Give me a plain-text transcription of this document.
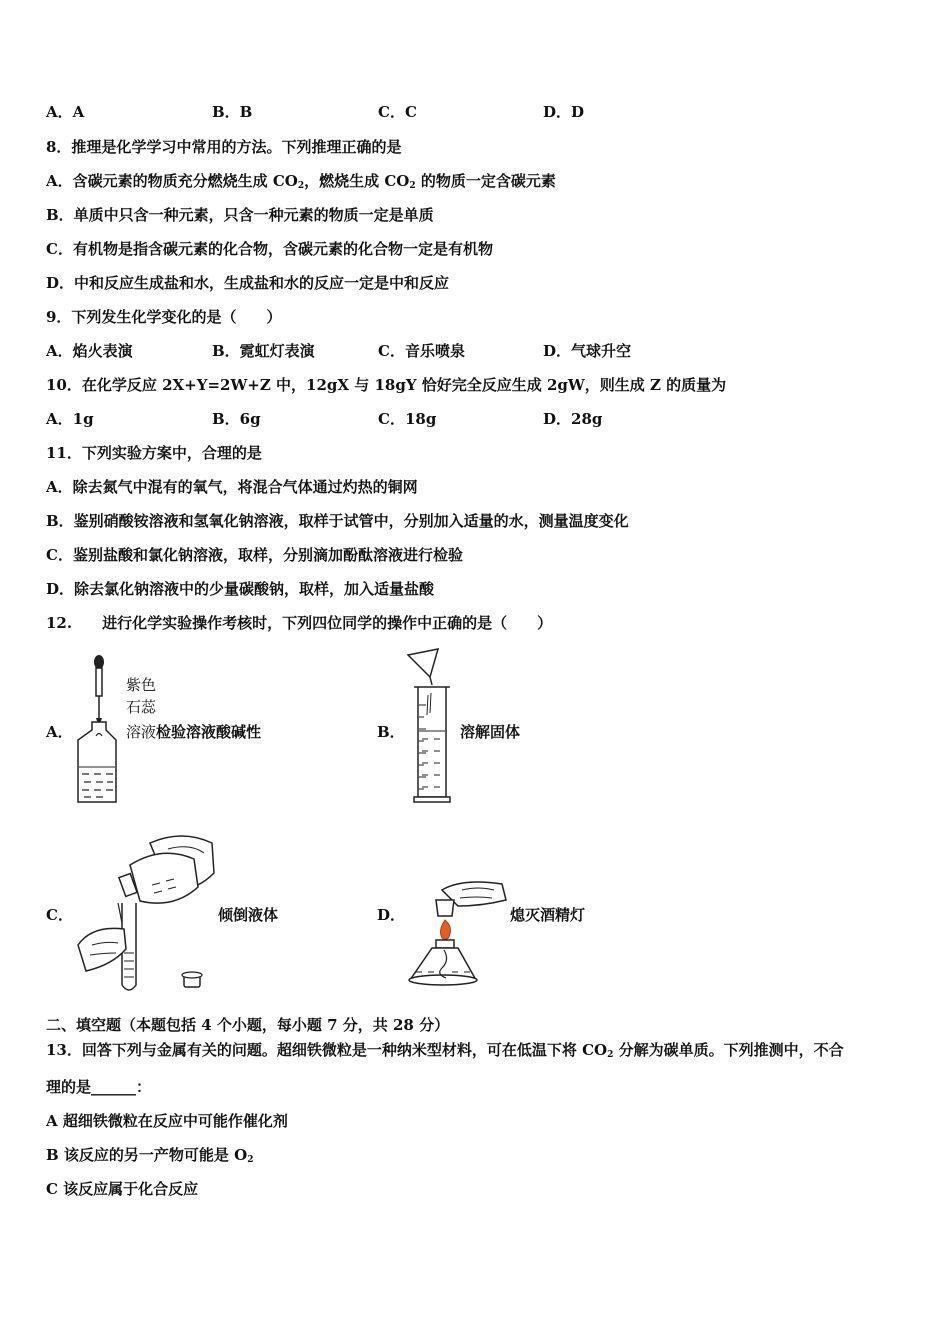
A．A	B．B	C．C	D．D
8．推理是化学学习中常用的方法。下列推理正确的是
A．含碳元素的物质充分燃烧生成 $CO_2$，燃烧生成 $CO_2$ 的物质一定含碳元素
B．单质中只含一种元素，只含一种元素的物质一定是单质
C．有机物是指含碳元素的化合物，含碳元素的化合物一定是有机物
D．中和反应生成盐和水，生成盐和水的反应一定是中和反应
9．下列发生化学变化的是（　　）
A．焰火表演	B．霓虹灯表演	C．音乐喷泉	D．气球升空
10．在化学反应 2X+Y=2W+Z 中，12gX 与 18gY 恰好完全反应生成 2gW，则生成 Z 的质量为
A．1g	B．6g	C．18g	D．28g
11．下列实验方案中，合理的是
A．除去氮气中混有的氧气，将混合气体通过灼热的铜网
B．鉴别硝酸铵溶液和氢氧化钠溶液，取样于试管中，分别加入适量的水，测量温度变化
C．鉴别盐酸和氯化钠溶液，取样，分别滴加酚酞溶液进行检验
D．除去氯化钠溶液中的少量碳酸钠，取样，加入适量盐酸
12.　　进行化学实验操作考核时，下列四位同学的操作中正确的是（　　）
A．
紫色
石蕊
溶液检验溶液酸碱性	B．	溶解固体
C．	倾倒液体	D．	熄灭酒精灯
二、填空题（本题包括 4 个小题，每小题 7 分，共 28 分）
13．回答下列与金属有关的问题。超细铁微粒是一种纳米型材料，可在低温下将 $CO_2$ 分解为碳单质。下列推测中，不合
理的是______：
A 超细铁微粒在反应中可能作催化剂
B 该反应的另一产物可能是 $O_2$
C 该反应属于化合反应
